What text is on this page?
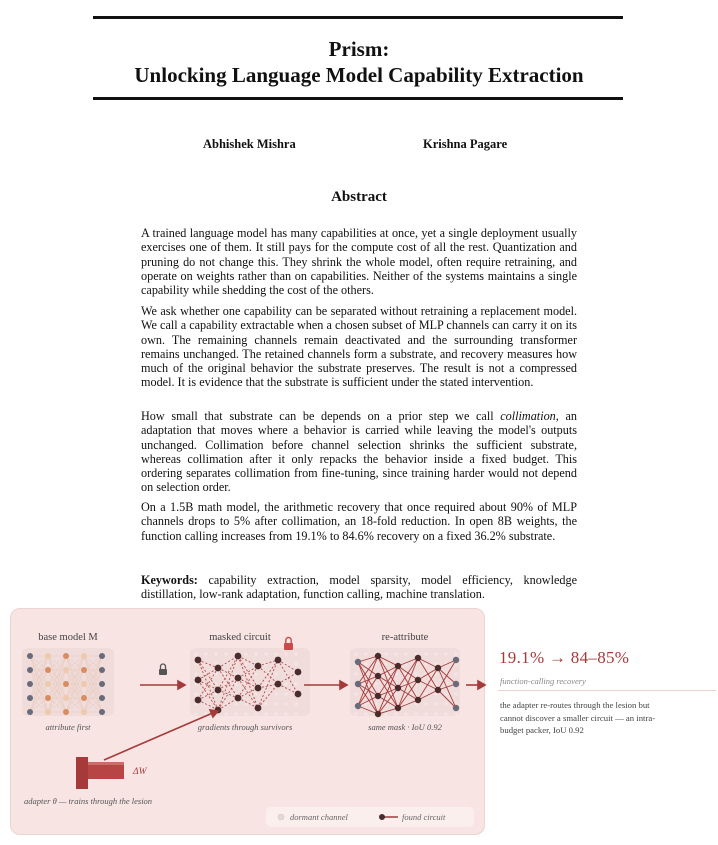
Prism:
Unlocking Language Model Capability Extraction
Abhishek Mishra	Krishna Pagare
Abstract
A trained language model has many capabilities at once, yet a single deployment usually exercises one of them. It still pays for the compute cost of all the rest. Quantization and pruning do not change this. They shrink the whole model, often require retraining, and operate on weights rather than on capabilities. Neither of the systems maintains a single capability while shedding the cost of the others.
We ask whether one capability can be separated without retraining a replacement model. We call a capability extractable when a chosen subset of MLP channels can carry it on its own. The remaining channels remain deactivated and the surrounding transformer remains unchanged. The retained channels form a substrate, and recovery measures how much of the original behavior the substrate preserves. The result is not a compressed model. It is evidence that the substrate is sufficient under the stated intervention.
How small that substrate can be depends on a prior step we call collimation, an adaptation that moves where a behavior is carried while leaving the model's outputs unchanged. Collimation before channel selection shrinks the sufficient substrate, whereas collimation after it only repacks the behavior inside a fixed budget. This ordering separates collimation from fine-tuning, since training harder would not depend on selection order.
On a 1.5B math model, the arithmetic recovery that once required about 90% of MLP channels drops to 5% after collimation, an 18-fold reduction. In open 8B weights, the function calling increases from 19.1% to 84.6% recovery on a fixed 36.2% substrate.
Keywords: capability extraction, model sparsity, model efficiency, knowledge distillation, low-rank adaptation, function calling, machine translation.
base model M	masked circuit	re-attribute
attribute first	gradients through survivors	same mask · IoU 0.92
adapter θ — trains through the lesion
ΔW
dormant channel	found circuit
19.1% → 84–85%
function-calling recovery
the adapter re-routes through the lesion but cannot discover a smaller circuit — an intra-budget packer, IoU 0.92
